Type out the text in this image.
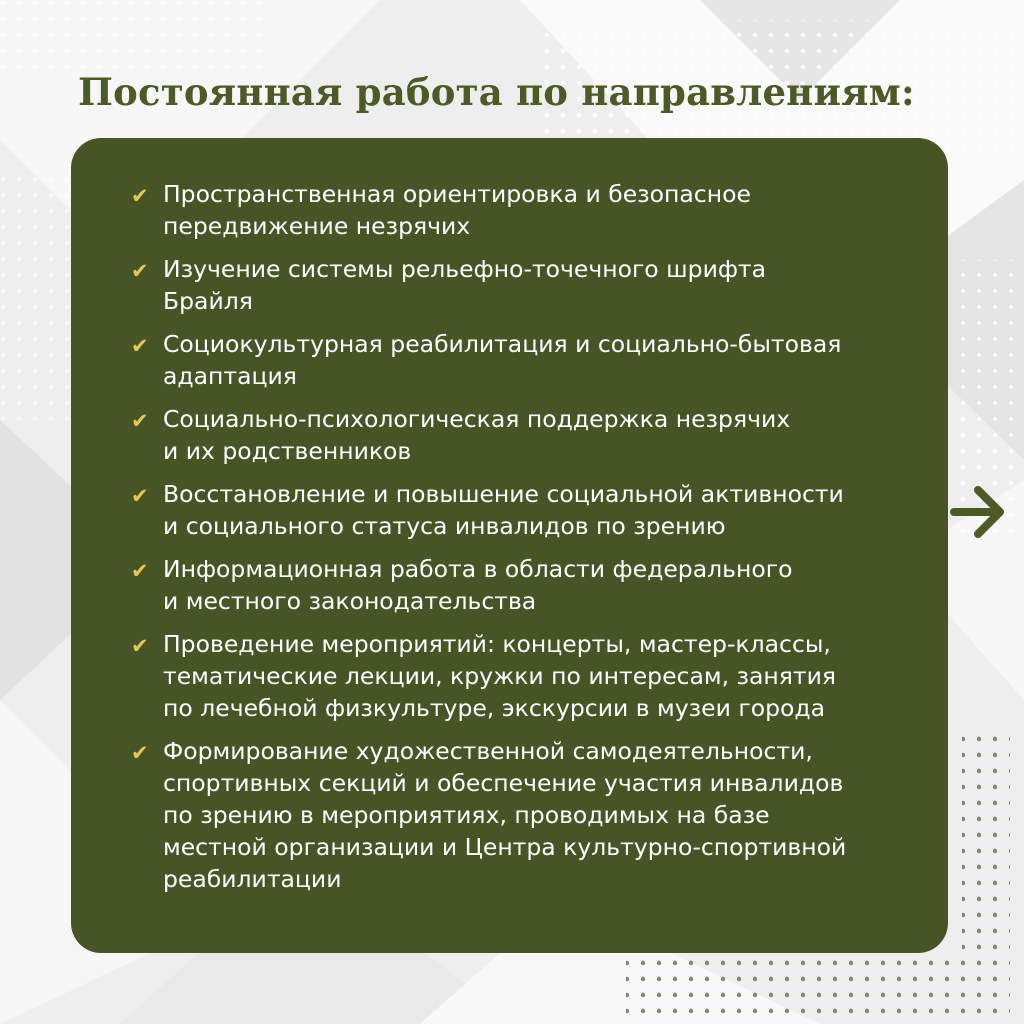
Постоянная работа по направлениям:
✔ Пространственная ориентировка и безопасное
передвижение незрячих
✔ Изучение системы рельефно-точечного шрифта
Брайля
✔ Социокультурная реабилитация и социально-бытовая
адаптация
✔ Социально-психологическая поддержка незрячих
и их родственников
✔ Восстановление и повышение социальной активности
и социального статуса инвалидов по зрению
✔ Информационная работа в области федерального
и местного законодательства
✔ Проведение мероприятий: концерты, мастер-классы,
тематические лекции, кружки по интересам, занятия
по лечебной физкультуре, экскурсии в музеи города
✔ Формирование художественной самодеятельности,
спортивных секций и обеспечение участия инвалидов
по зрению в мероприятиях, проводимых на базе
местной организации и Центра культурно-спортивной
реабилитации
